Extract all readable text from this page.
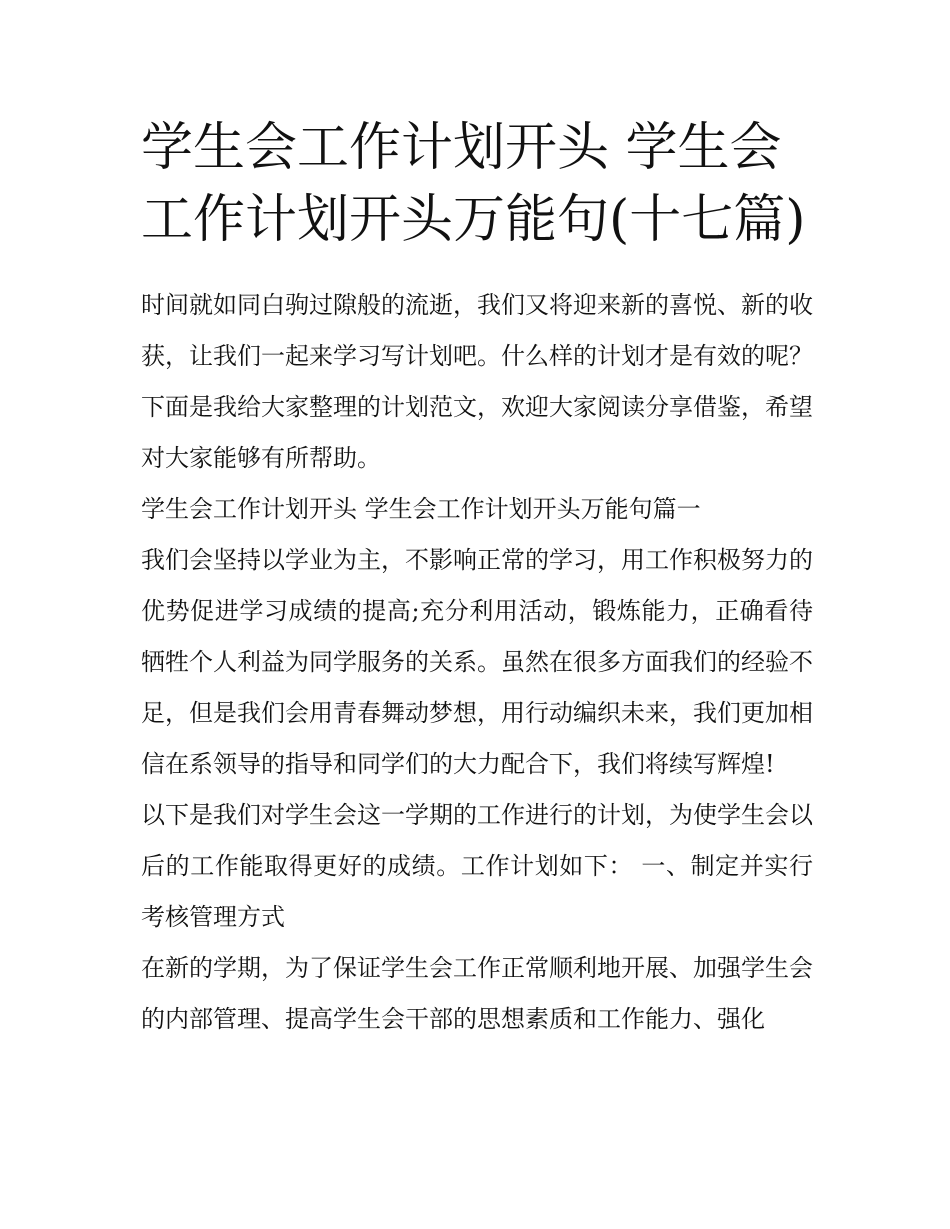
学生会工作计划开头 学生会工作计划开头万能句(十七篇)

时间就如同白驹过隙般的流逝，我们又将迎来新的喜悦、新的收获，让我们一起来学习写计划吧。什么样的计划才是有效的呢？下面是我给大家整理的计划范文，欢迎大家阅读分享借鉴，希望对大家能够有所帮助。

学生会工作计划开头 学生会工作计划开头万能句篇一

我们会坚持以学业为主，不影响正常的学习，用工作积极努力的优势促进学习成绩的提高;充分利用活动，锻炼能力，正确看待牺牲个人利益为同学服务的关系。虽然在很多方面我们的经验不足，但是我们会用青春舞动梦想，用行动编织未来，我们更加相信在系领导的指导和同学们的大力配合下，我们将续写辉煌!

以下是我们对学生会这一学期的工作进行的计划，为使学生会以后的工作能取得更好的成绩。工作计划如下： 一、制定并实行考核管理方式

在新的学期，为了保证学生会工作正常顺利地开展、加强学生会的内部管理、提高学生会干部的思想素质和工作能力、强化
